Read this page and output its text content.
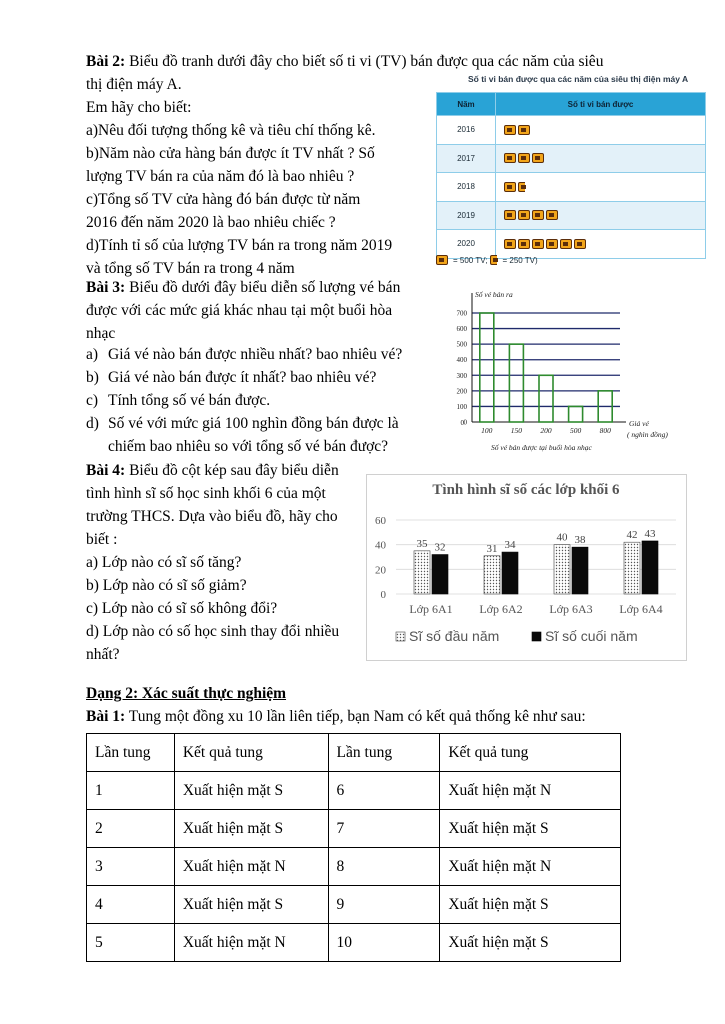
Bài 2: Biểu đồ tranh dưới đây cho biết số ti vi (TV) bán được qua các năm của siêu
thị điện máy A.
Em hãy cho biết:
a)Nêu đối tượng thống kê và tiêu chí thống kê.
b)Năm nào cửa hàng bán được ít TV nhất ? Số
lượng TV bán ra của năm đó là bao nhiêu ?
c)Tổng số TV cửa hàng đó bán được từ năm
2016 đến năm 2020 là bao nhiêu chiếc ?
d)Tính tỉ số của lượng TV bán ra trong năm 2019
và tổng số TV bán ra trong 4 năm
Số ti vi bán được qua các năm của siêu thị điện máy A
Năm	Số ti vi bán được
2016	
2017	
2018	
2019	
2020	
= 500 TV; = 250 TV)
Bài 3: Biểu đồ dưới đây biểu diễn số lượng vé bán
được với các mức giá khác nhau tại một buổi hòa
nhạc
a) Giá vé nào bán được nhiều nhất? bao nhiêu vé?
b) Giá vé nào bán được ít nhất? bao nhiêu vé?
c) Tính tổng số vé bán được.
d) Số vé với mức giá 100 nghìn đồng bán được là
chiếm bao nhiêu so với tổng số vé bán được?
Số vé bán ra
Giá vé
( nghìn đồng)
Số vé bán được tại buổi hòa nhạc
0
100
200
300
400
500
600
700
100 150 200 500 800
0
Bài 4: Biểu đồ cột kép sau đây biểu diễn
tình hình sĩ số học sinh khối 6 của một
trường THCS. Dựa vào biểu đồ, hãy cho
biết :
a) Lớp nào có sĩ số tăng?
b) Lớp nào có sĩ số giảm?
c) Lớp nào có sĩ số không đổi?
d) Lớp nào có số học sinh thay đổi nhiều
nhất?
Tình hình sĩ số các lớp khối 6
35 32	31 34
40 38	42 43
0
20
40
60
Lớp 6A1 Lớp 6A2 Lớp 6A3 Lớp 6A4
Sĩ số đầu năm	Sĩ số cuối năm
Dạng 2: Xác suất thực nghiệm
Bài 1: Tung một đồng xu 10 lần liên tiếp, bạn Nam có kết quả thống kê như sau:
Lần tung	Kết quả tung	Lần tung	Kết quả tung
1	Xuất hiện mặt S	6	Xuất hiện mặt N
2	Xuất hiện mặt S	7	Xuất hiện mặt S
3	Xuất hiện mặt N	8	Xuất hiện mặt N
4	Xuất hiện mặt S	9	Xuất hiện mặt S
5	Xuất hiện mặt N	10	Xuất hiện mặt S
